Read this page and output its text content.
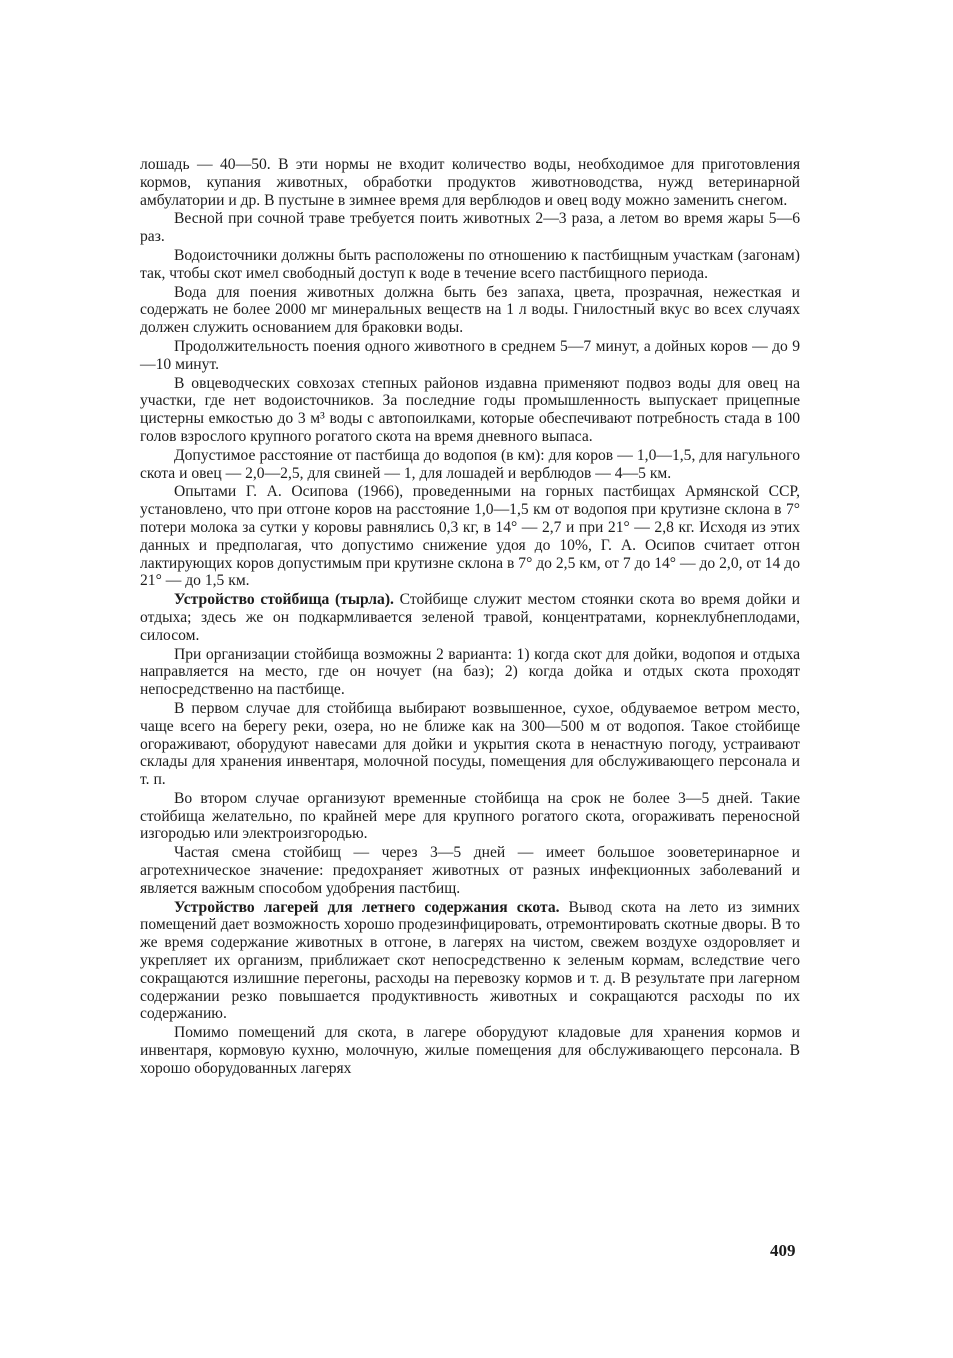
лошадь — 40—50. В эти нормы не входит количество воды, необходимое для приготовления кормов, купания животных, обработки продуктов животноводства, нужд ветеринарной амбулатории и др. В пустыне в зимнее время для верблюдов и овец воду можно заменить снегом.

Весной при сочной траве требуется поить животных 2—3 раза, а летом во время жары 5—6 раз.

Водоисточники должны быть расположены по отношению к пастбищным участкам (загонам) так, чтобы скот имел свободный доступ к воде в течение всего пастбищного периода.

Вода для поения животных должна быть без запаха, цвета, прозрачная, нежесткая и содержать не более 2000 мг минеральных веществ на 1 л воды. Гнилостный вкус во всех случаях должен служить основанием для браковки воды.

Продолжительность поения одного животного в среднем 5—7 минут, а дойных коров — до 9—10 минут.

В овцеводческих совхозах степных районов издавна применяют подвоз воды для овец на участки, где нет водоисточников. За последние годы промышленность выпускает прицепные цистерны емкостью до 3 м³ воды с автопоилками, которые обеспечивают потребность стада в 100 голов взрослого крупного рогатого скота на время дневного выпаса.

Допустимое расстояние от пастбища до водопоя (в км): для коров — 1,0—1,5, для нагульного скота и овец — 2,0—2,5, для свиней — 1, для лошадей и верблюдов — 4—5 км.

Опытами Г. А. Осипова (1966), проведенными на горных пастбищах Армянской ССР, установлено, что при отгоне коров на расстояние 1,0—1,5 км от водопоя при крутизне склона в 7° потери молока за сутки у коровы равнялись 0,3 кг, в 14° — 2,7 и при 21° — 2,8 кг. Исходя из этих данных и предполагая, что допустимо снижение удоя до 10%, Г. А. Осипов считает отгон лактирующих коров допустимым при крутизне склона в 7° до 2,5 км, от 7 до 14° — до 2,0, от 14 до 21° — до 1,5 км.

Устройство стойбища (тырла). Стойбище служит местом стоянки скота во время дойки и отдыха; здесь же он подкармливается зеленой травой, концентратами, корнеклубнеплодами, силосом.

При организации стойбища возможны 2 варианта: 1) когда скот для дойки, водопоя и отдыха направляется на место, где он ночует (на баз); 2) когда дойка и отдых скота проходят непосредственно на пастбище.

В первом случае для стойбища выбирают возвышенное, сухое, обдуваемое ветром место, чаще всего на берегу реки, озера, но не ближе как на 300—500 м от водопоя. Такое стойбище огораживают, оборудуют навесами для дойки и укрытия скота в ненастную погоду, устраивают склады для хранения инвентаря, молочной посуды, помещения для обслуживающего персонала и т. п.

Во втором случае организуют временные стойбища на срок не более 3—5 дней. Такие стойбища желательно, по крайней мере для крупного рогатого скота, огораживать переносной изгородью или электроизгородью.

Частая смена стойбищ — через 3—5 дней — имеет большое зооветеринарное и агротехническое значение: предохраняет животных от разных инфекционных заболеваний и является важным способом удобрения пастбищ.

Устройство лагерей для летнего содержания скота. Вывод скота на лето из зимних помещений дает возможность хорошо продезинфицировать, отремонтировать скотные дворы. В то же время содержание животных в отгоне, в лагерях на чистом, свежем воздухе оздоровляет и укрепляет их организм, приближает скот непосредственно к зеленым кормам, вследствие чего сокращаются излишние перегоны, расходы на перевозку кормов и т. д. В результате при лагерном содержании резко повышается продуктивность животных и сокращаются расходы по их содержанию.

Помимо помещений для скота, в лагере оборудуют кладовые для хранения кормов и инвентаря, кормовую кухню, молочную, жилые помещения для обслуживающего персонала. В хорошо оборудованных лагерях

409
